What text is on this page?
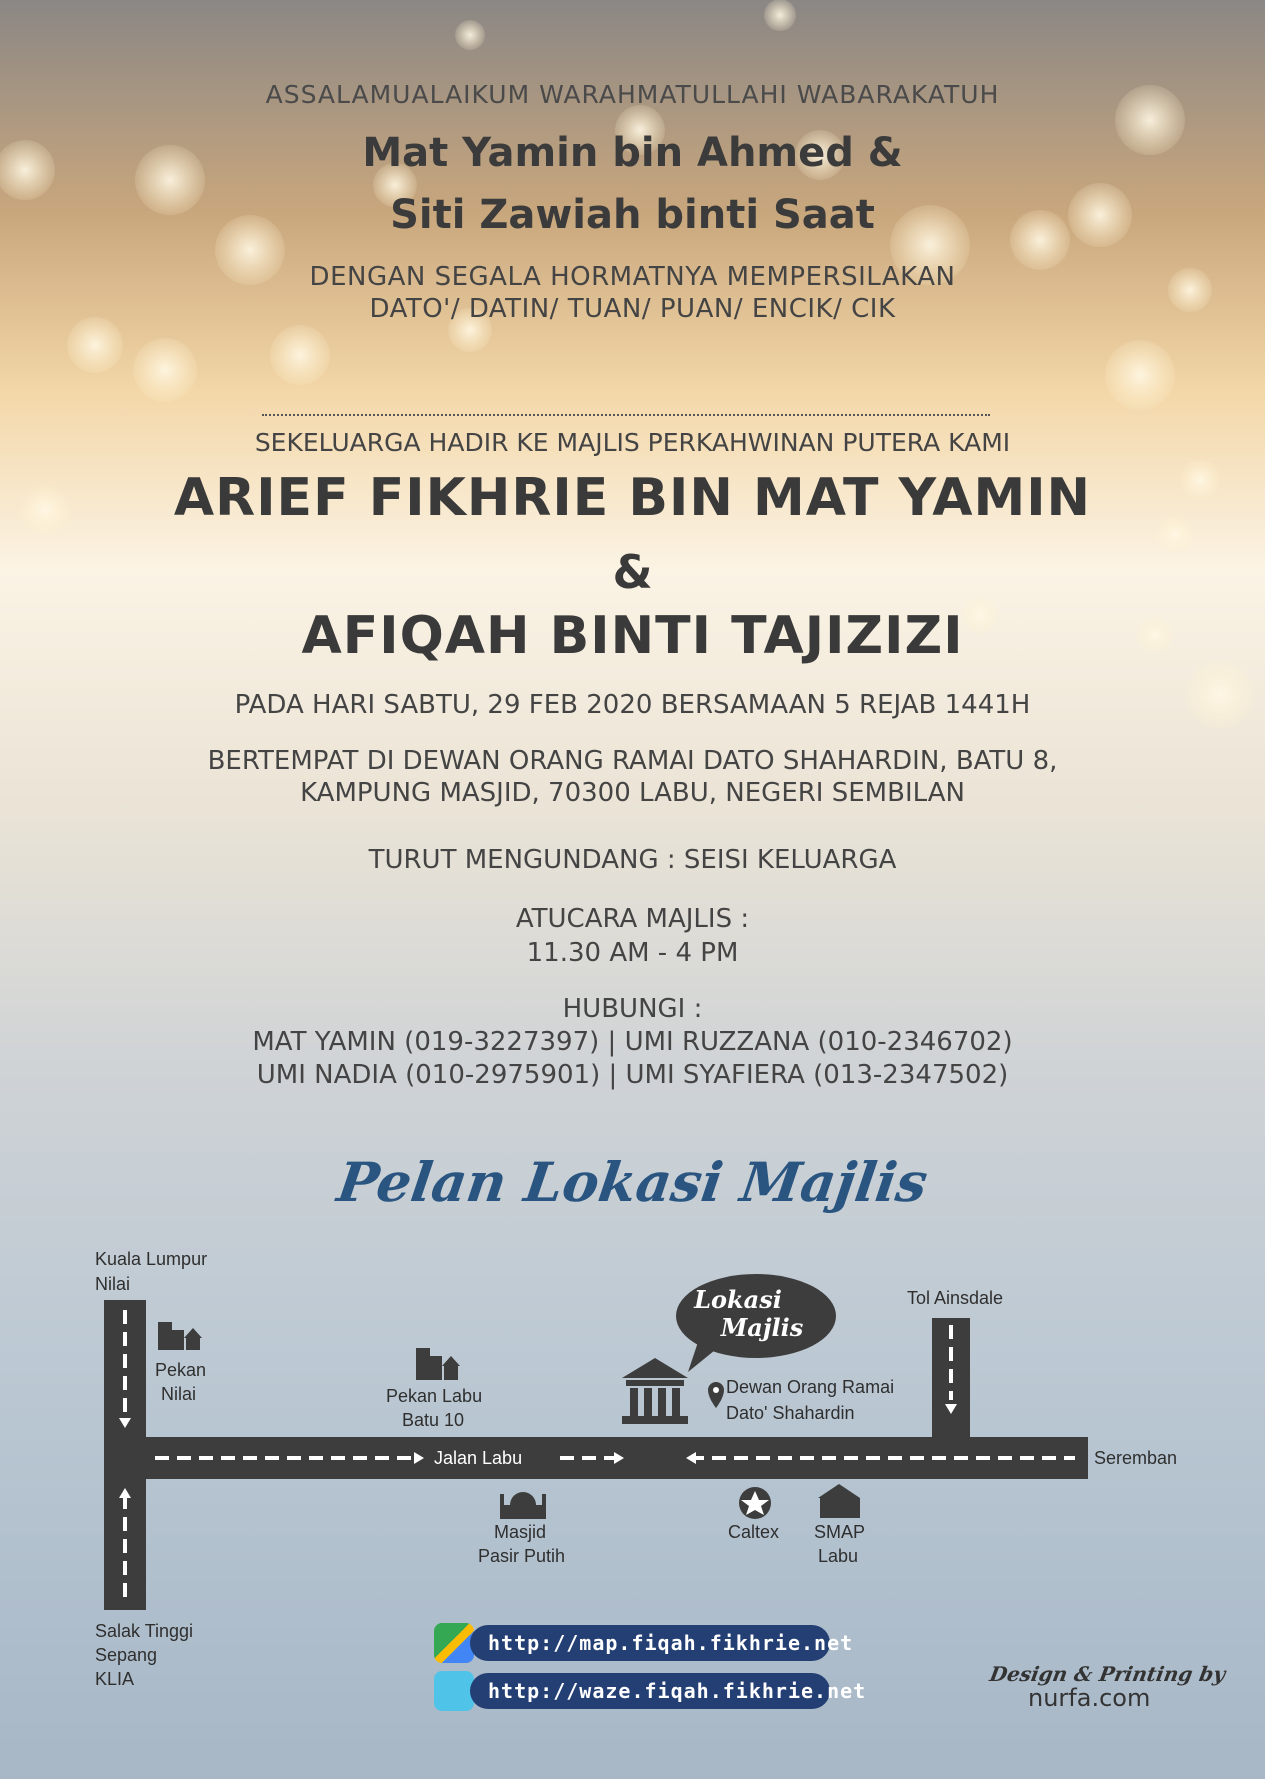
ASSALAMUALAIKUM WARAHMATULLAHI WABARAKATUH
Mat Yamin bin Ahmed &
Siti Zawiah binti Saat
DENGAN SEGALA HORMATNYA MEMPERSILAKAN
DATO'/ DATIN/ TUAN/ PUAN/ ENCIK/ CIK
SEKELUARGA HADIR KE MAJLIS PERKAHWINAN PUTERA KAMI
ARIEF FIKHRIE BIN MAT YAMIN
&
AFIQAH BINTI TAJIZIZI
PADA HARI SABTU, 29 FEB 2020 BERSAMAAN 5 REJAB 1441H
BERTEMPAT DI DEWAN ORANG RAMAI DATO SHAHARDIN, BATU 8,
KAMPUNG MASJID, 70300 LABU, NEGERI SEMBILAN
TURUT MENGUNDANG : SEISI KELUARGA
ATUCARA MAJLIS :
11.30 AM - 4 PM
HUBUNGI :
MAT YAMIN (019-3227397) | UMI RUZZANA (010-2346702)
UMI NADIA (010-2975901) | UMI SYAFIERA (013-2347502)
Pelan Lokasi Majlis
Kuala Lumpur
Nilai
Pekan
Nilai	Pekan Labu
Batu 10
Jalan Labu
Lokasi
Majlis
Dewan Orang Ramai
Dato' Shahardin
Tol Ainsdale
Seremban
Masjid
Pasir Putih
Caltex SMAP
Labu
Salak Tinggi
Sepang
KLIA
http://map.fiqah.fikhrie.net
http://waze.fiqah.fikhrie.net
Design & Printing by
nurfa.com
